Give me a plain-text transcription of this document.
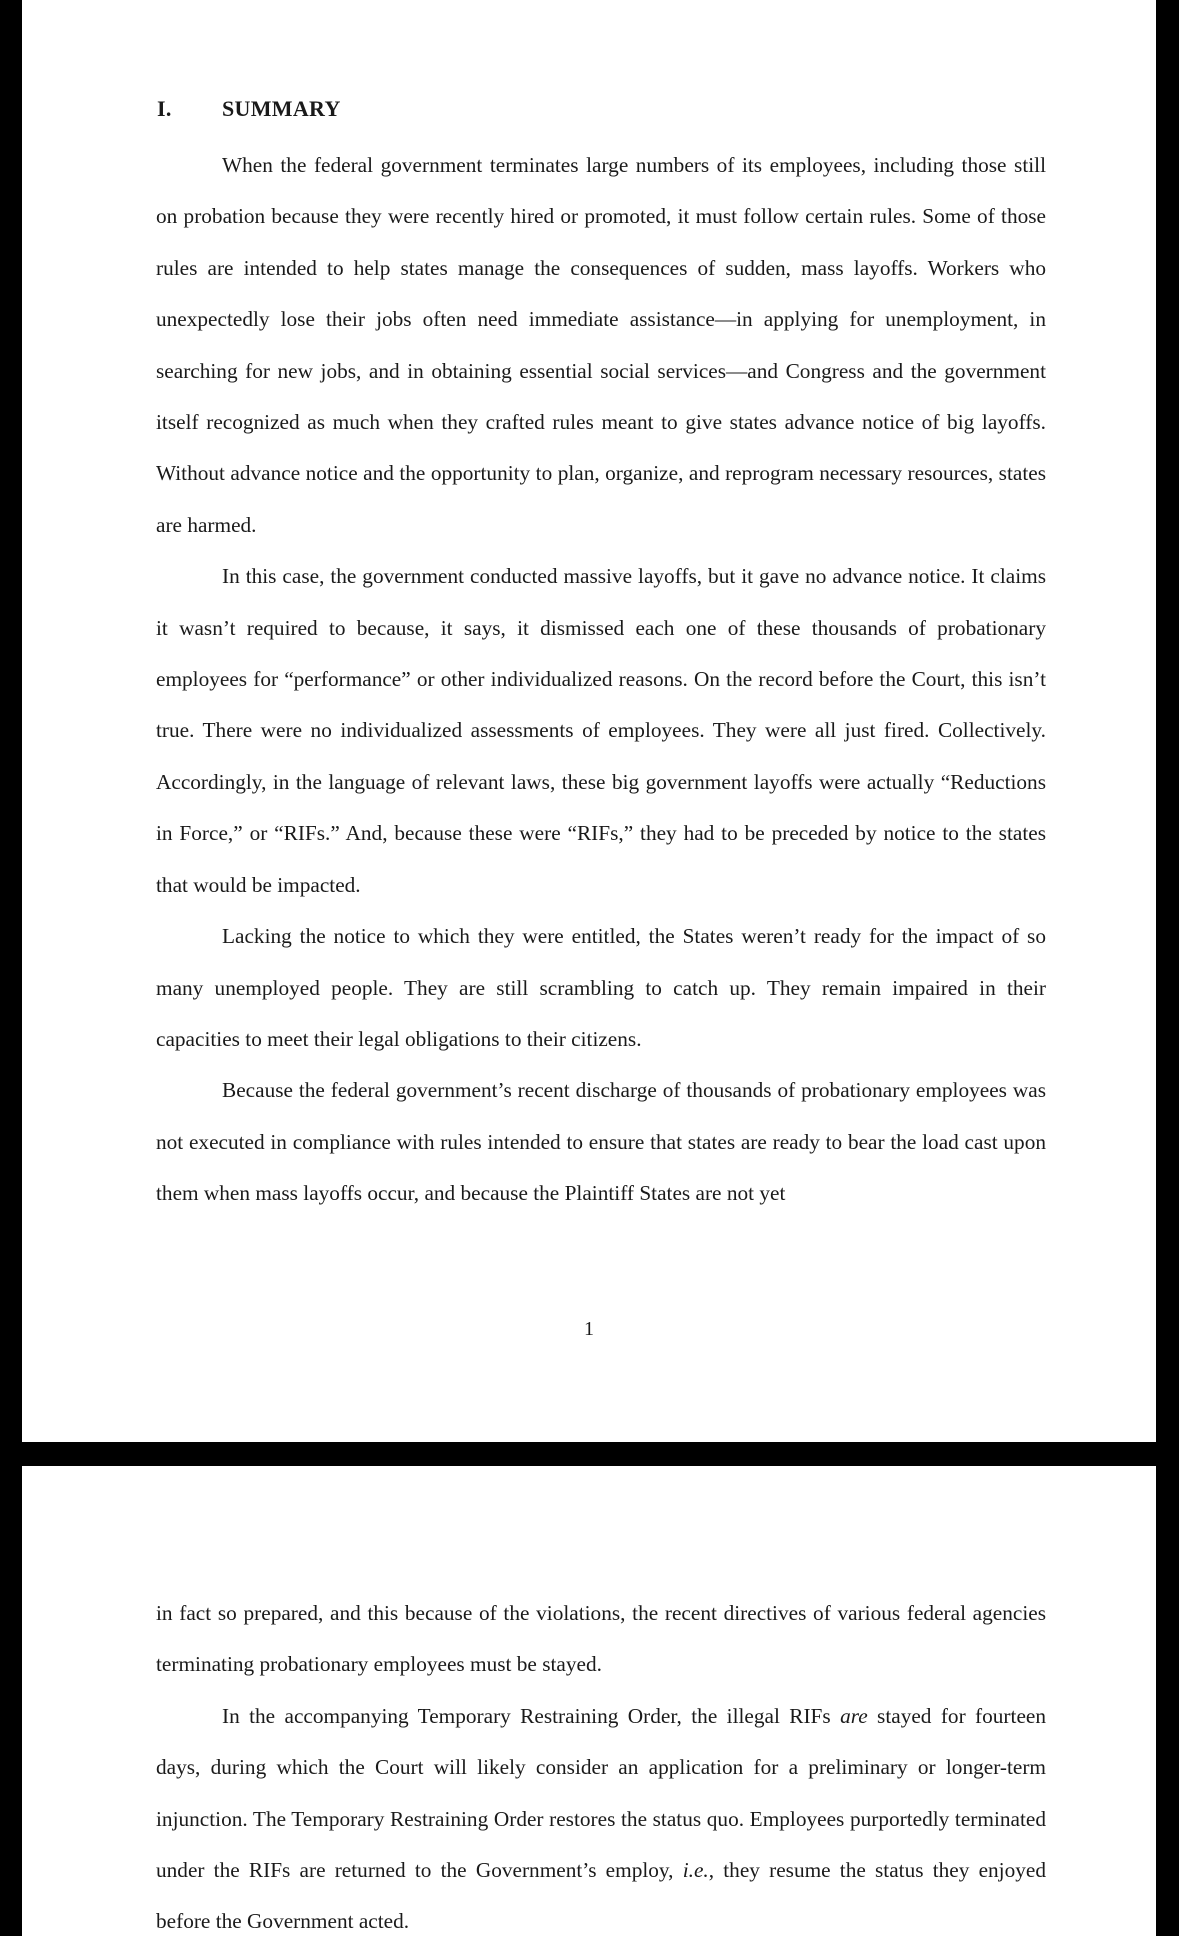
I. SUMMARY

When the federal government terminates large numbers of its employees, including those still on probation because they were recently hired or promoted, it must follow certain rules. Some of those rules are intended to help states manage the consequences of sudden, mass layoffs. Workers who unexpectedly lose their jobs often need immediate assistance—in applying for unemployment, in searching for new jobs, and in obtaining essential social services—and Congress and the government itself recognized as much when they crafted rules meant to give states advance notice of big layoffs. Without advance notice and the opportunity to plan, organize, and reprogram necessary resources, states are harmed.

In this case, the government conducted massive layoffs, but it gave no advance notice. It claims it wasn’t required to because, it says, it dismissed each one of these thousands of probationary employees for “performance” or other individualized reasons. On the record before the Court, this isn’t true. There were no individualized assessments of employees. They were all just fired. Collectively. Accordingly, in the language of relevant laws, these big government layoffs were actually “Reductions in Force,” or “RIFs.” And, because these were “RIFs,” they had to be preceded by notice to the states that would be impacted.

Lacking the notice to which they were entitled, the States weren’t ready for the impact of so many unemployed people. They are still scrambling to catch up. They remain impaired in their capacities to meet their legal obligations to their citizens.

Because the federal government’s recent discharge of thousands of probationary employees was not executed in compliance with rules intended to ensure that states are ready to bear the load cast upon them when mass layoffs occur, and because the Plaintiff States are not yet

1

in fact so prepared, and this because of the violations, the recent directives of various federal agencies terminating probationary employees must be stayed.

In the accompanying Temporary Restraining Order, the illegal RIFs are stayed for fourteen days, during which the Court will likely consider an application for a preliminary or longer-term injunction. The Temporary Restraining Order restores the status quo. Employees purportedly terminated under the RIFs are returned to the Government’s employ, i.e., they resume the status they enjoyed before the Government acted.
